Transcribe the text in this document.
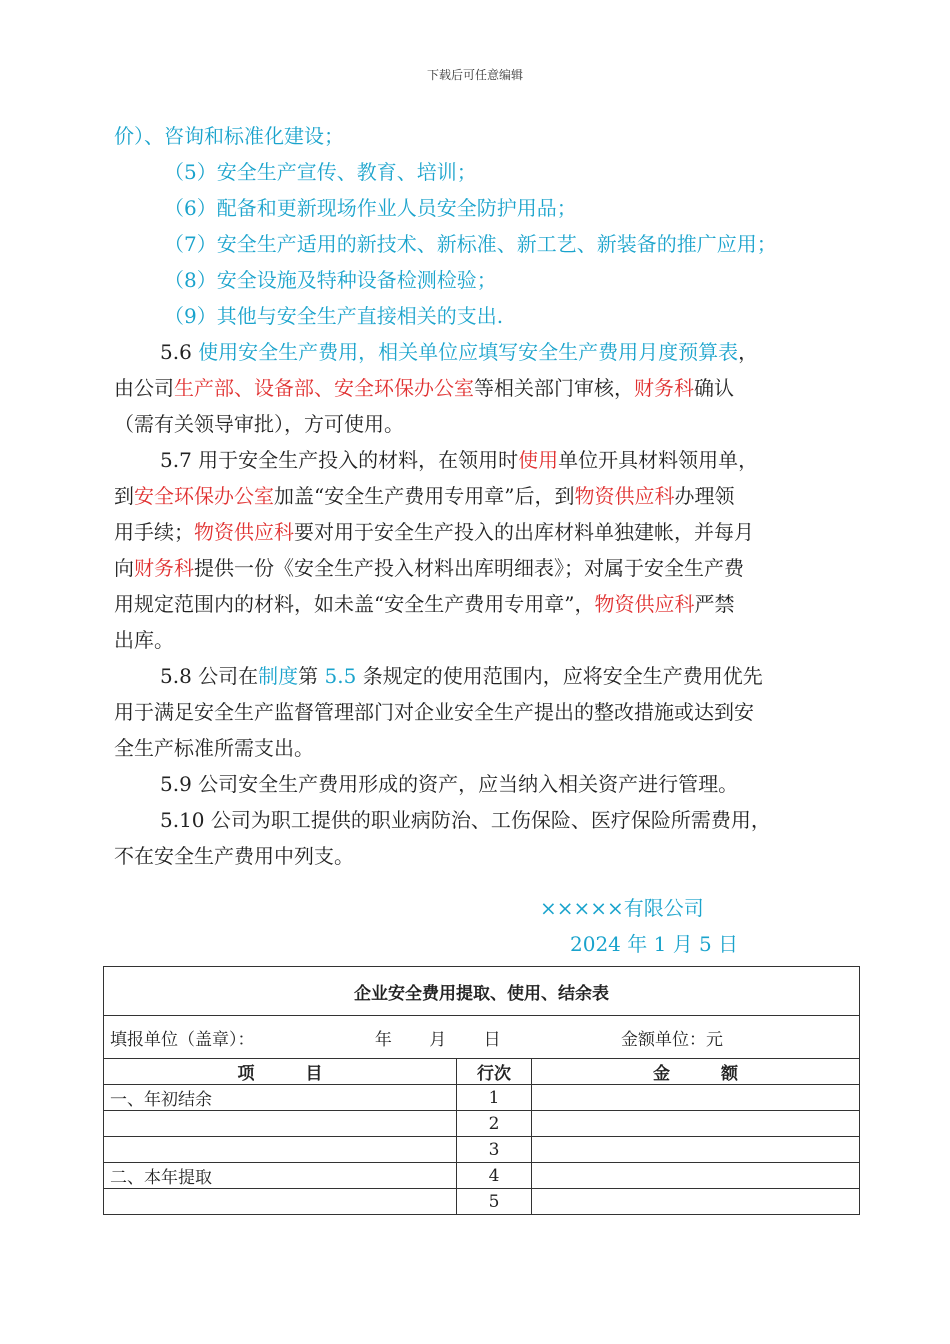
下载后可任意编辑
价）、咨询和标准化建设；
（5）安全生产宣传、教育、培训；
（6）配备和更新现场作业人员安全防护用品；
（7）安全生产适用的新技术、新标准、新工艺、新装备的推广应用；
（8）安全设施及特种设备检测检验；
（9）其他与安全生产直接相关的支出.
5.6 使用安全生产费用，相关单位应填写安全生产费用月度预算表，
由公司生产部、设备部、安全环保办公室等相关部门审核，财务科确认
（需有关领导审批），方可使用。
5.7 用于安全生产投入的材料，在领用时使用单位开具材料领用单，
到安全环保办公室加盖“安全生产费用专用章”后，到物资供应科办理领
用手续；物资供应科要对用于安全生产投入的出库材料单独建帐，并每月
向财务科提供一份《安全生产投入材料出库明细表》；对属于安全生产费
用规定范围内的材料，如未盖“安全生产费用专用章”，物资供应科严禁
出库。
5.8 公司在制度第 5.5 条规定的使用范围内，应将安全生产费用优先
用于满足安全生产监督管理部门对企业安全生产提出的整改措施或达到安
全生产标准所需支出。
5.9 公司安全生产费用形成的资产，应当纳入相关资产进行管理。
5.10 公司为职工提供的职业病防治、工伤保险、医疗保险所需费用，
不在安全生产费用中列支。
×××××有限公司
2024 年 1 月 5 日
企业安全费用提取、使用、结余表		

填报单位（盖章）： 年 月 日 金额单位：元		

项　　　目	行次	金　　　额
一、年初结余	1	
	2	
	3	
二、本年提取	4	
	5	
